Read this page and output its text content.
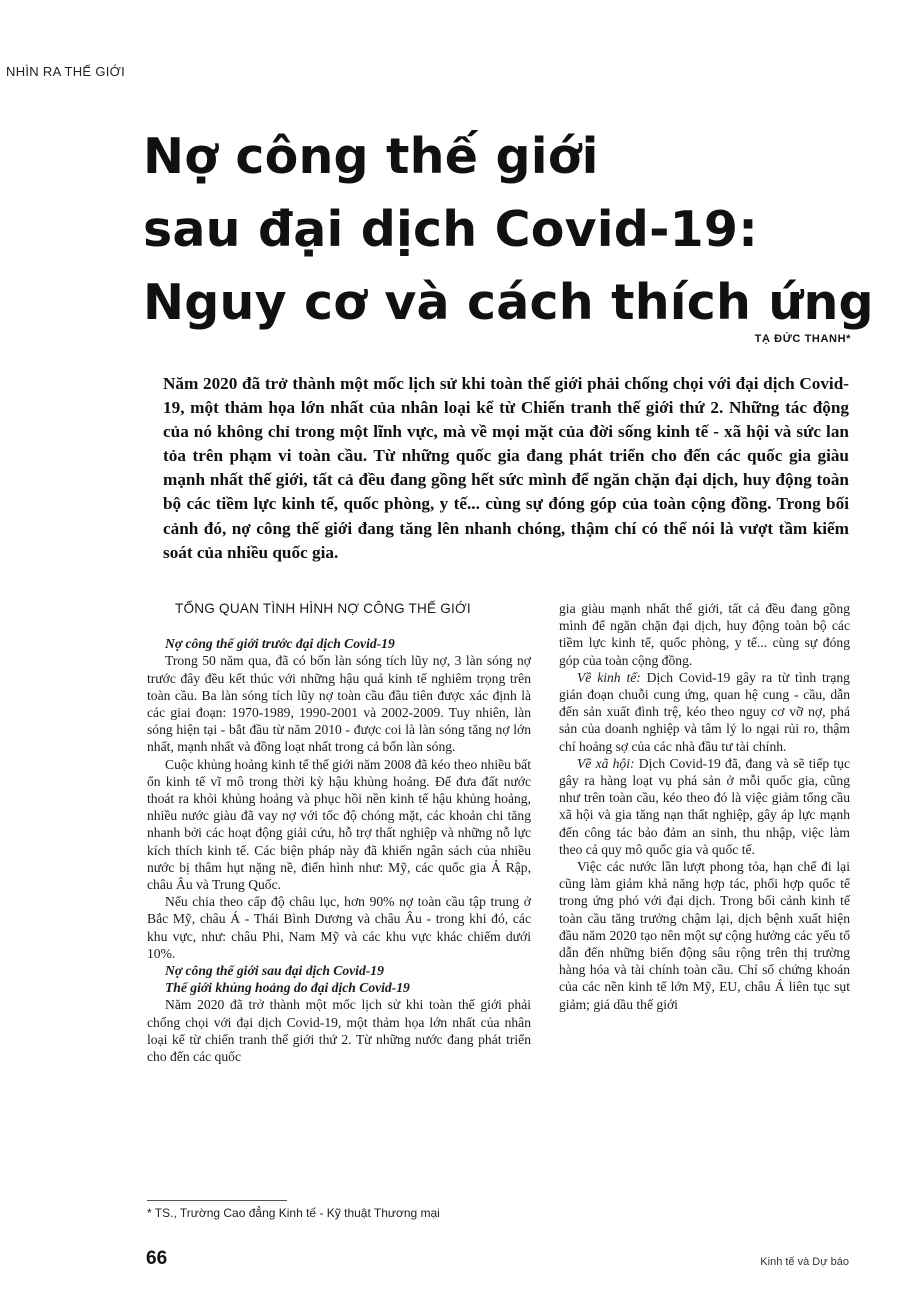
NHÌN RA THẾ GIỚI
Nợ công thế giới
sau đại dịch Covid-19:
Nguy cơ và cách thích ứng
TẠ ĐỨC THANH*
Năm 2020 đã trở thành một mốc lịch sử khi toàn thế giới phải chống chọi với đại dịch Covid-19, một thảm họa lớn nhất của nhân loại kể từ Chiến tranh thế giới thứ 2. Những tác động của nó không chỉ trong một lĩnh vực, mà về mọi mặt của đời sống kinh tế - xã hội và sức lan tỏa trên phạm vi toàn cầu. Từ những quốc gia đang phát triển cho đến các quốc gia giàu mạnh nhất thế giới, tất cả đều đang gồng hết sức mình để ngăn chặn đại dịch, huy động toàn bộ các tiềm lực kinh tế, quốc phòng, y tế... cùng sự đóng góp của toàn cộng đồng. Trong bối cảnh đó, nợ công thế giới đang tăng lên nhanh chóng, thậm chí có thể nói là vượt tầm kiểm soát của nhiều quốc gia.
TỔNG QUAN TÌNH HÌNH NỢ CÔNG THẾ GIỚI

Nợ công thế giới trước đại dịch Covid-19

Trong 50 năm qua, đã có bốn làn sóng tích lũy nợ, 3 làn sóng nợ trước đây đều kết thúc với những hậu quả kinh tế nghiêm trọng trên toàn cầu. Ba làn sóng tích lũy nợ toàn cầu đầu tiên được xác định là các giai đoạn: 1970-1989, 1990-2001 và 2002-2009. Tuy nhiên, làn sóng hiện tại - bắt đầu từ năm 2010 - được coi là làn sóng tăng nợ lớn nhất, mạnh nhất và đồng loạt nhất trong cả bốn làn sóng.

Cuộc khủng hoảng kinh tế thế giới năm 2008 đã kéo theo nhiều bất ổn kinh tế vĩ mô trong thời kỳ hậu khủng hoảng. Để đưa đất nước thoát ra khỏi khủng hoảng và phục hồi nền kinh tế hậu khủng hoảng, nhiều nước giàu đã vay nợ với tốc độ chóng mặt, các khoản chi tăng nhanh bởi các hoạt động giải cứu, hỗ trợ thất nghiệp và những nỗ lực kích thích kinh tế. Các biện pháp này đã khiến ngân sách của nhiều nước bị thâm hụt nặng nề, điển hình như: Mỹ, các quốc gia Ả Rập, châu Âu và Trung Quốc.

Nếu chia theo cấp độ châu lục, hơn 90% nợ toàn cầu tập trung ở Bắc Mỹ, châu Á - Thái Bình Dương và châu Âu - trong khi đó, các khu vực, như: châu Phi, Nam Mỹ và các khu vực khác chiếm dưới 10%.

Nợ công thế giới sau đại dịch Covid-19

Thế giới khủng hoảng do đại dịch Covid-19

Năm 2020 đã trở thành một mốc lịch sử khi toàn thế giới phải chống chọi với đại dịch Covid-19, một thảm họa lớn nhất của nhân loại kể từ chiến tranh thế giới thứ 2. Từ những nước đang phát triển cho đến các quốc

gia giàu mạnh nhất thế giới, tất cả đều đang gồng mình để ngăn chặn đại dịch, huy động toàn bộ các tiềm lực kinh tế, quốc phòng, y tế... cùng sự đóng góp của toàn cộng đồng.

Về kinh tế: Dịch Covid-19 gây ra từ tình trạng gián đoạn chuỗi cung ứng, quan hệ cung - cầu, dẫn đến sản xuất đình trệ, kéo theo nguy cơ vỡ nợ, phá sản của doanh nghiệp và tâm lý lo ngại rủi ro, thậm chí hoảng sợ của các nhà đầu tư tài chính.

Về xã hội: Dịch Covid-19 đã, đang và sẽ tiếp tục gây ra hàng loạt vụ phá sản ở mỗi quốc gia, cũng như trên toàn cầu, kéo theo đó là việc giảm tổng cầu xã hội và gia tăng nạn thất nghiệp, gây áp lực mạnh đến công tác bảo đảm an sinh, thu nhập, việc làm theo cả quy mô quốc gia và quốc tế.

Việc các nước lần lượt phong tỏa, hạn chế đi lại cũng làm giảm khả năng hợp tác, phối hợp quốc tế trong ứng phó với đại dịch. Trong bối cảnh kinh tế toàn cầu tăng trưởng chậm lại, dịch bệnh xuất hiện đầu năm 2020 tạo nên một sự cộng hưởng các yếu tố dẫn đến những biến động sâu rộng trên thị trường hàng hóa và tài chính toàn cầu. Chỉ số chứng khoán của các nền kinh tế lớn Mỹ, EU, châu Á liên tục sụt giảm; giá dầu thế giới

* TS., Trường Cao đẳng Kinh tế - Kỹ thuật Thương mại
66	Kinh tế và Dự báo
